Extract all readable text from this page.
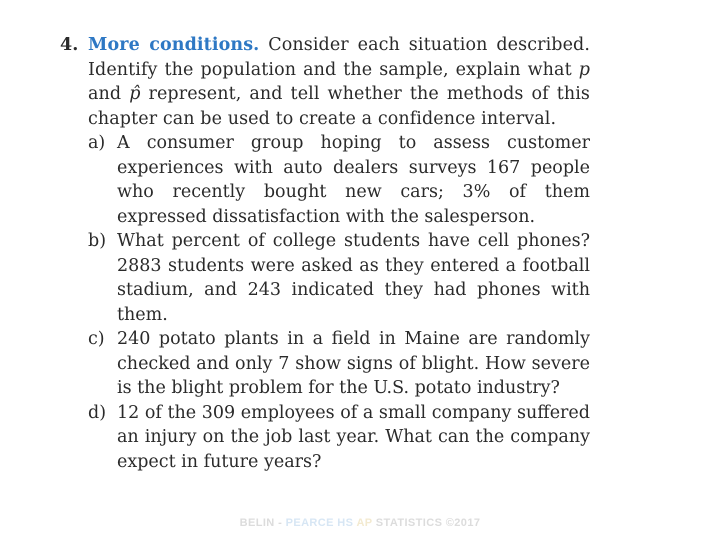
4. More conditions. Consider each situation described. Identify the population and the sample, explain what p and p̂ represent, and tell whether the methods of this chapter can be used to create a confidence interval.
a) A consumer group hoping to assess customer experiences with auto dealers surveys 167 people who recently bought new cars; 3% of them expressed dissatisfaction with the salesperson.
b) What percent of college students have cell phones? 2883 students were asked as they entered a football stadium, and 243 indicated they had phones with them.
c) 240 potato plants in a field in Maine are randomly checked and only 7 show signs of blight. How severe is the blight problem for the U.S. potato industry?
d) 12 of the 309 employees of a small company suffered an injury on the job last year. What can the company expect in future years?
BELIN - PEARCE HS AP STATISTICS ©2017
